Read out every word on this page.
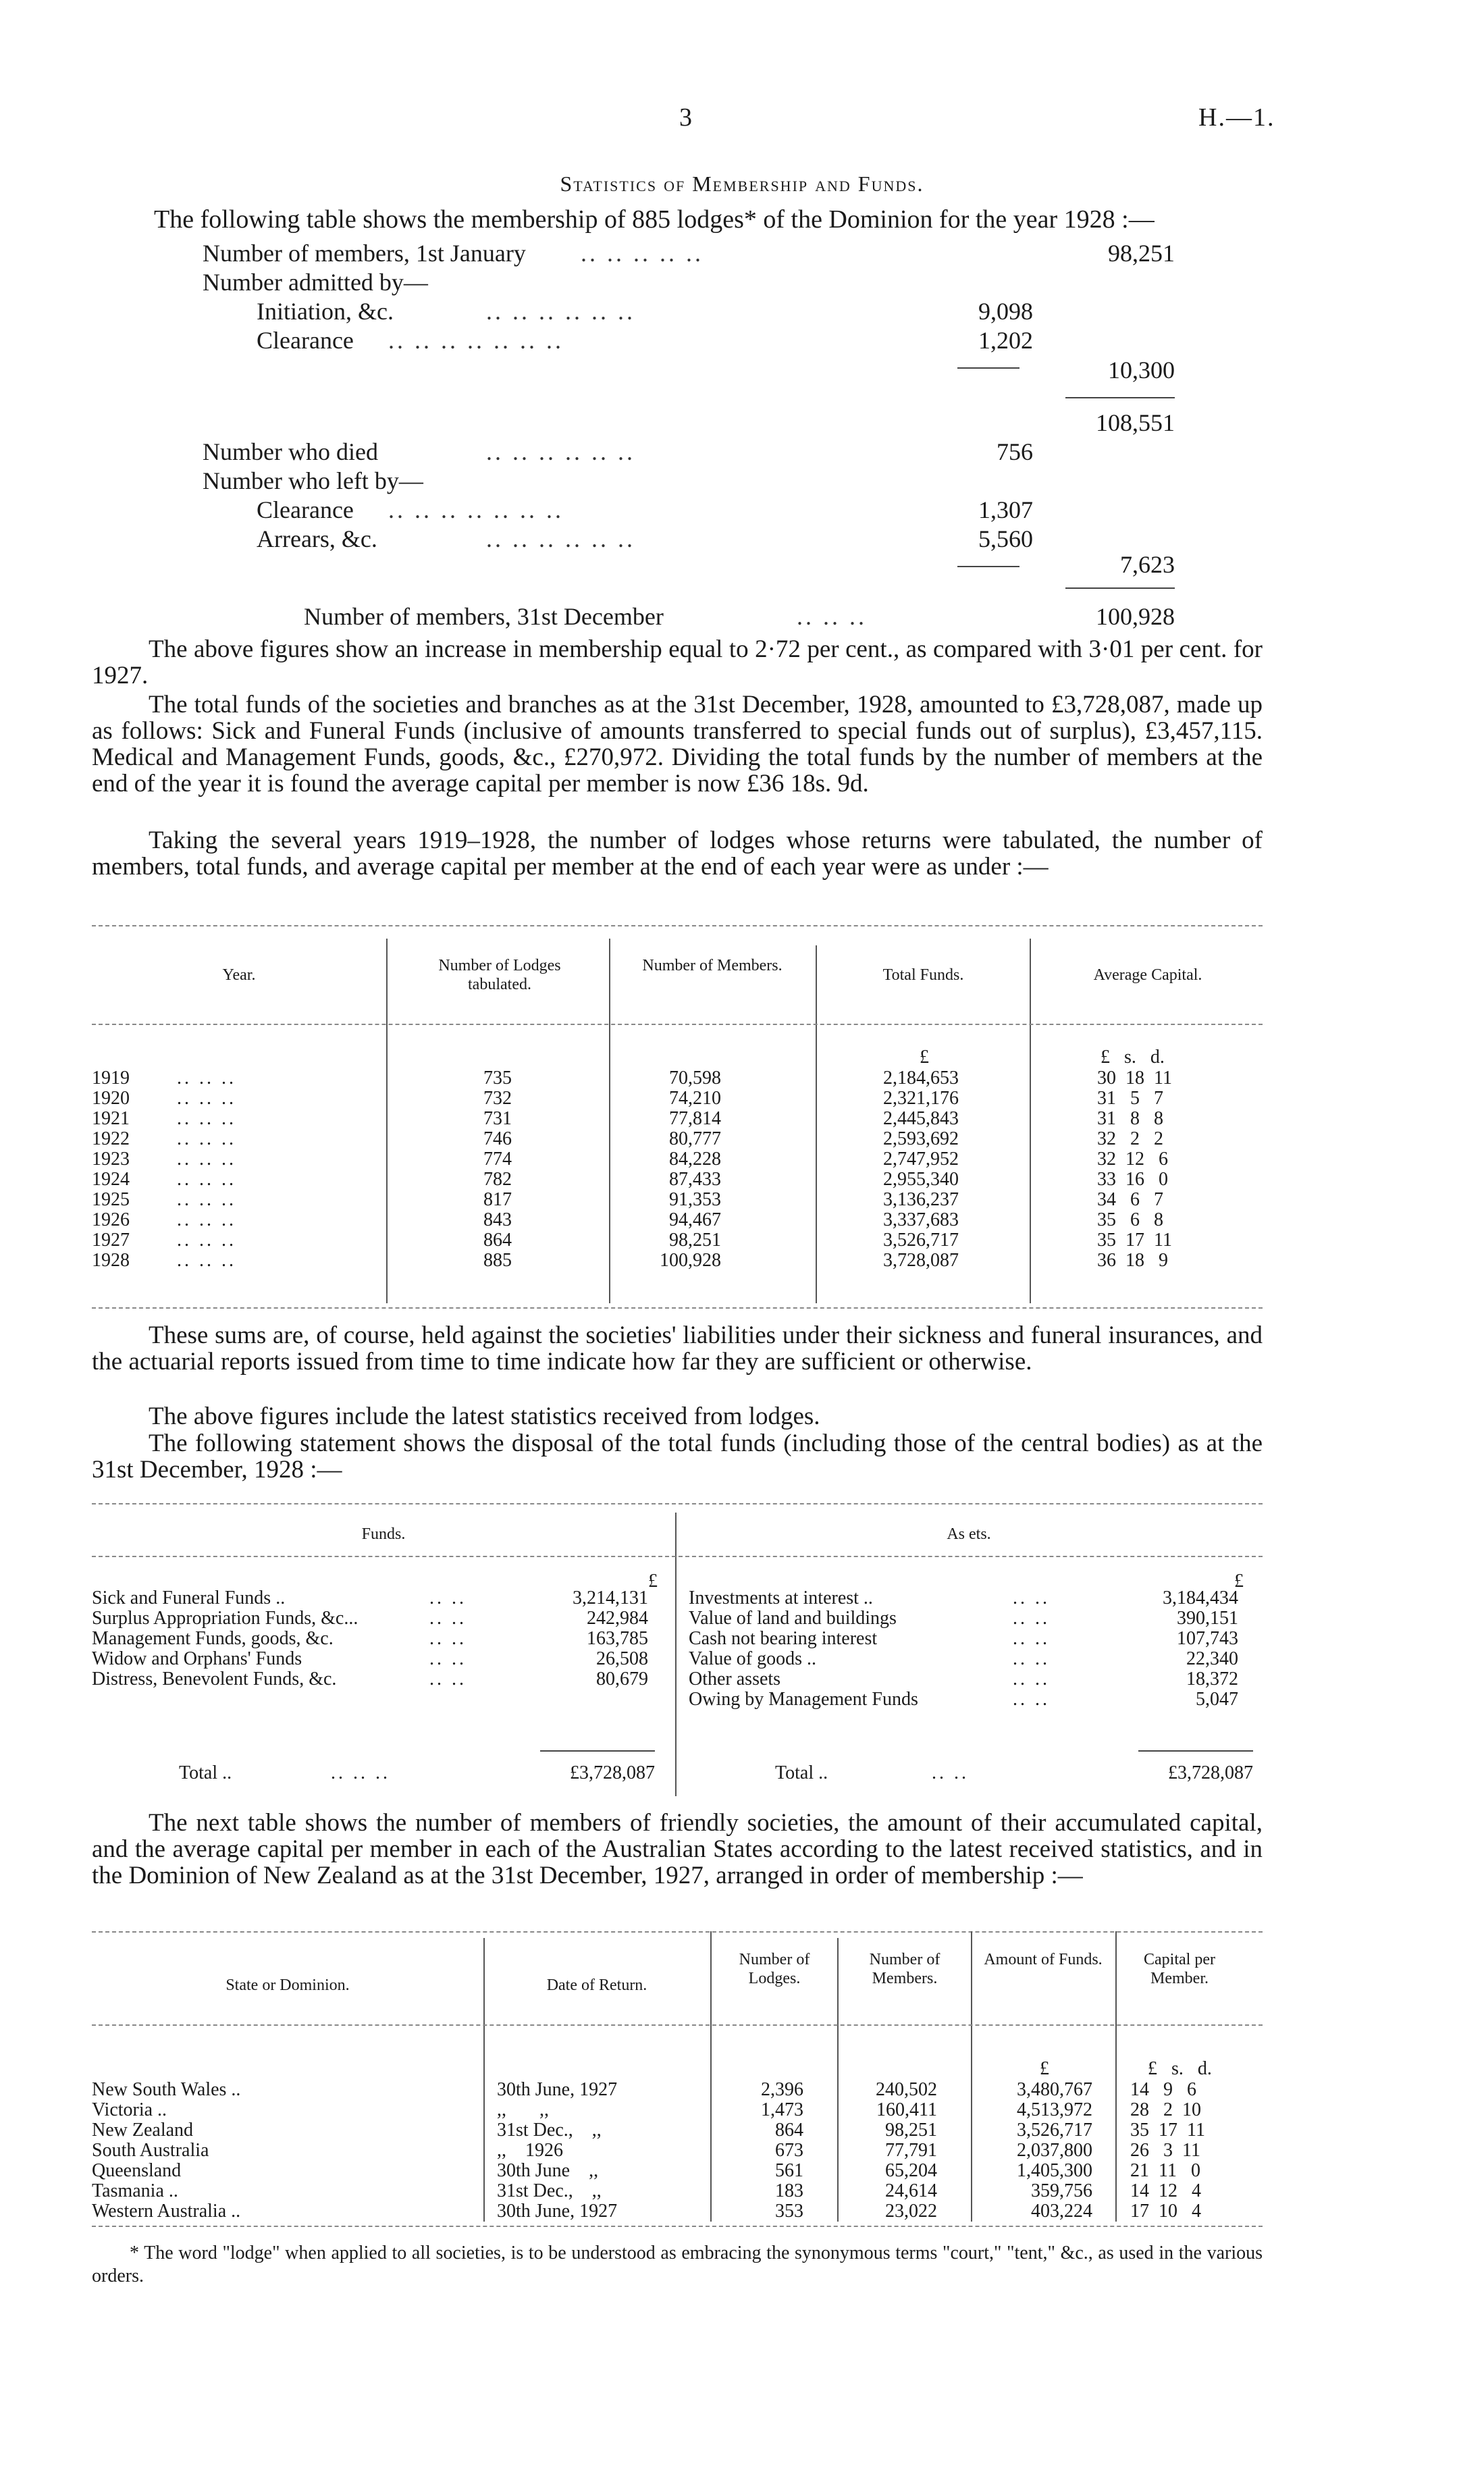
3	H.—1.
Statistics of Membership and Funds.
The following table shows the membership of 885 lodges* of the Dominion for the year 1928 :—
Number of members, 1st January .. .. .. .. ..	98,251
Number admitted by—
Initiation, &c.	.. .. .. .. .. ..	9,098
Clearance .. .. .. .. .. .. ..	1,202
10,300
108,551
Number who died	.. .. .. .. .. ..	756
Number who left by—
Clearance .. .. .. .. .. .. ..	1,307
Arrears, &c.	.. .. .. .. .. ..	5,560
7,623
Number of members, 31st December	.. .. ..	100,928
The above figures show an increase in membership equal to 2·72 per cent., as compared with 3·01 per cent. for 1927.
The total funds of the societies and branches as at the 31st December, 1928, amounted to £3,728,087, made up as follows: Sick and Funeral Funds (inclusive of amounts transferred to special funds out of surplus), £3,457,115. Medical and Management Funds, goods, &c., £270,972. Dividing the total funds by the number of members at the end of the year it is found the average capital per member is now £36 18s. 9d.
Taking the several years 1919–1928, the number of lodges whose returns were tabulated, the number of members, total funds, and average capital per member at the end of each year were as under :—
Year.
Number of Lodges tabulated.
Number of Members.
Total Funds.	Average Capital.
£	£   s.   d.
1919 .. .. ..	735	70,598	2,184,653	30  18  11
1920 .. .. ..	732	74,210	2,321,176	31   5   7
1921 .. .. ..	731	77,814	2,445,843	31   8   8
1922 .. .. ..	746	80,777	2,593,692	32   2   2
1923 .. .. ..	774	84,228	2,747,952	32  12   6
1924 .. .. ..	782	87,433	2,955,340	33  16   0
1925 .. .. ..	817	91,353	3,136,237	34   6   7
1926 .. .. ..	843	94,467	3,337,683	35   6   8
1927 .. .. ..	864	98,251	3,526,717	35  17  11
1928 .. .. ..	885	100,928	3,728,087	36  18   9
These sums are, of course, held against the societies' liabilities under their sickness and funeral insurances, and the actuarial reports issued from time to time indicate how far they are sufficient or otherwise.
The above figures include the latest statistics received from lodges.
The following statement shows the disposal of the total funds (including those of the central bodies) as at the 31st December, 1928 :—
Funds.	As ets.
£	£
Sick and Funeral Funds ..	.. ..	3,214,131
Surplus Appropriation Funds, &c...	.. ..	242,984
Management Funds, goods, &c.	.. ..	163,785
Widow and Orphans' Funds	.. ..	26,508
Distress, Benevolent Funds, &c.	.. ..	80,679
Investments at interest ..	.. ..	3,184,434
Value of land and buildings	.. ..	390,151
Cash not bearing interest	.. ..	107,743
Value of goods ..	.. ..	22,340
Other assets	.. ..	18,372
Owing by Management Funds	.. ..	5,047
Total ..	.. .. ..	£3,728,087	Total ..	.. ..	£3,728,087
The next table shows the number of members of friendly societies, the amount of their accumulated capital, and the average capital per member in each of the Australian States according to the latest received statistics, and in the Dominion of New Zealand as at the 31st December, 1927, arranged in order of membership :—
State or Dominion.	Date of Return.
Number of Lodges.
Number of Members.
Amount of Funds.	Capital per Member.
£	£   s.   d.
New South Wales ..	30th June, 1927	2,396	240,502	3,480,767	14   9   6
Victoria ..	,,       ,,	1,473	160,411	4,513,972	28   2  10
New Zealand	31st Dec.,    ,,	864	98,251	3,526,717	35  17  11
South Australia	,,    1926	673	77,791	2,037,800	26   3  11
Queensland	30th June    ,,	561	65,204	1,405,300	21  11   0
Tasmania ..	31st Dec.,    ,,	183	24,614	359,756	14  12   4
Western Australia ..	30th June, 1927	353	23,022	403,224	17  10   4
* The word "lodge" when applied to all societies, is to be understood as embracing the synonymous terms "court," "tent," &c., as used in the various orders.
